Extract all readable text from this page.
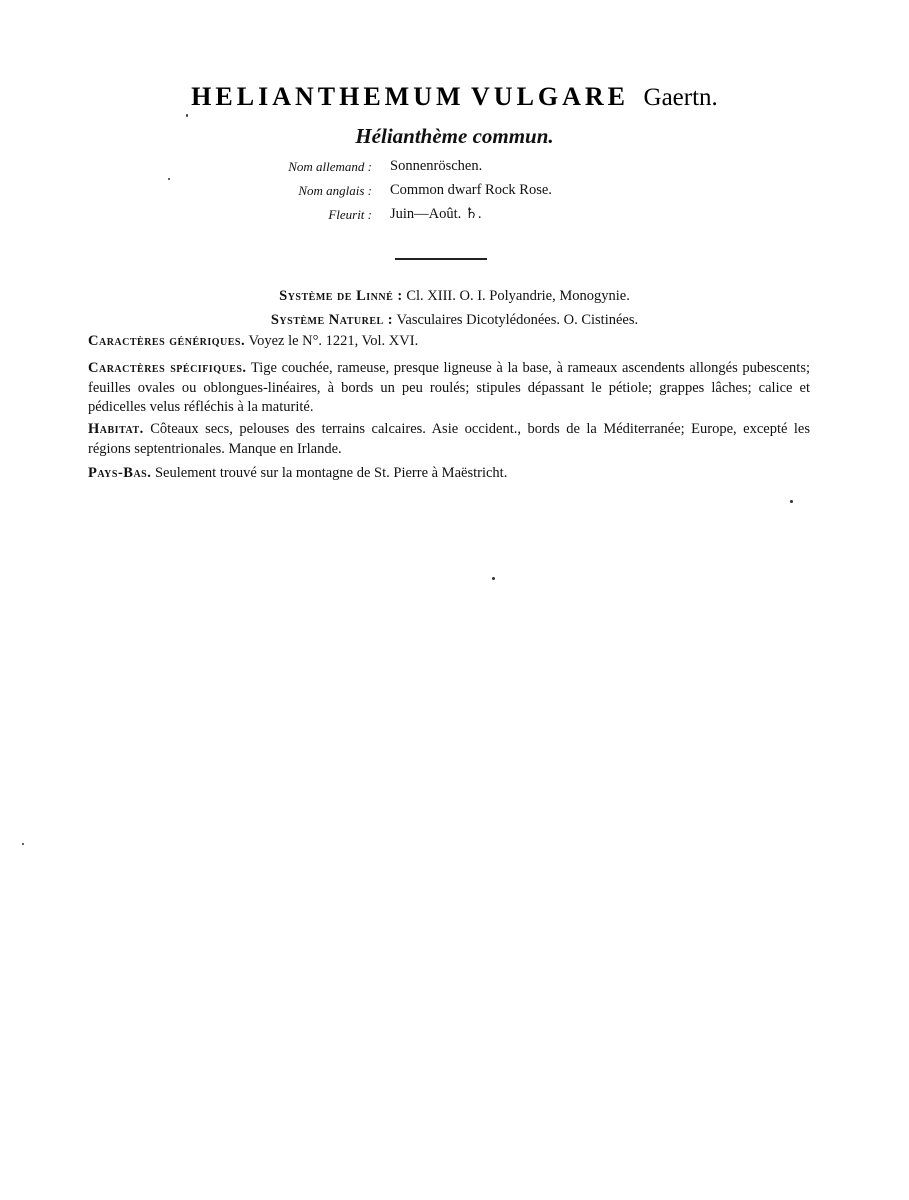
HELIANTHEMUM VULGARE Gaertn.
Hélianthème commun.
Nom allemand : Sonnenröschen.
Nom anglais : Common dwarf Rock Rose.
Fleurit : Juin—Août. ♄.
Système de Linné : Cl. XIII. O. I. Polyandrie, Monogynie.
Système Naturel : Vasculaires Dicotylédonées. O. Cistinées.
Caractères génériques. Voyez le N°. 1221, Vol. XVI.
Caractères spécifiques. Tige couchée, rameuse, presque ligneuse à la base, à rameaux ascendents allongés pubescents; feuilles ovales ou oblongues-linéaires, à bords un peu roulés; stipules dépassant le pétiole; grappes lâches; calice et pédicelles velus réfléchis à la maturité.
Habitat. Côteaux secs, pelouses des terrains calcaires. Asie occident., bords de la Méditerranée; Europe, excepté les régions septentrionales. Manque en Irlande.
Pays-Bas. Seulement trouvé sur la montagne de St. Pierre à Maëstricht.
